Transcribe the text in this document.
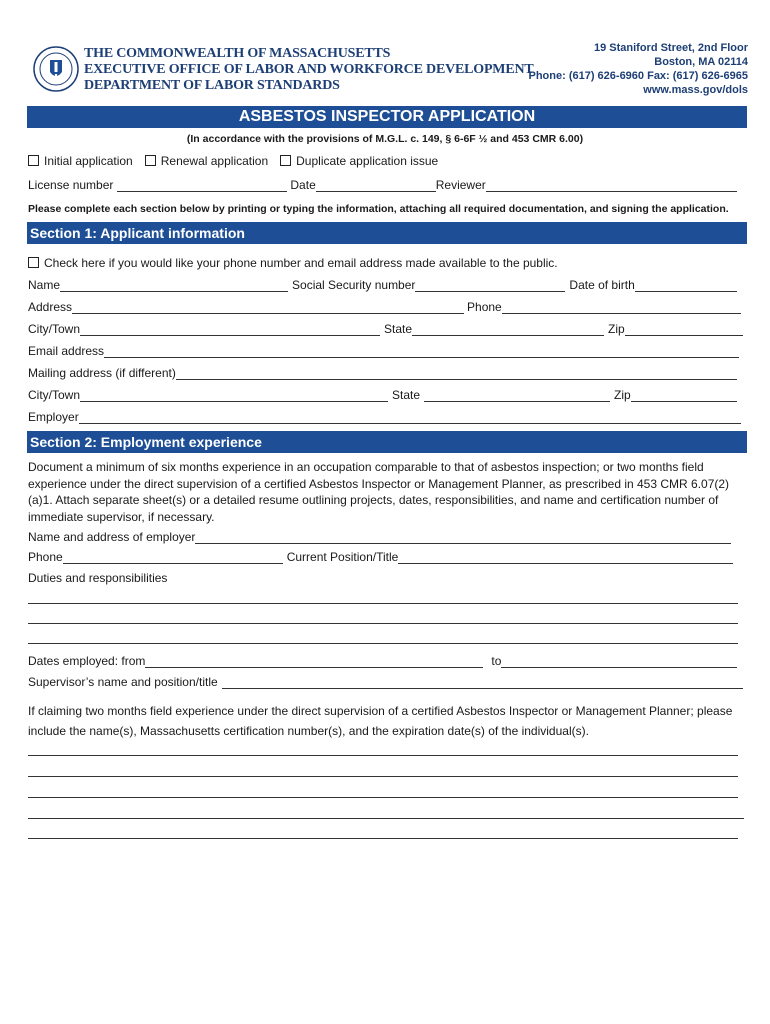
THE COMMONWEALTH OF MASSACHUSETTS
EXECUTIVE OFFICE OF LABOR AND WORKFORCE DEVELOPMENT
DEPARTMENT OF LABOR STANDARDS
19 Staniford Street, 2nd Floor
Boston, MA 02114
Phone: (617) 626-6960 Fax: (617) 626-6965
www.mass.gov/dols
ASBESTOS INSPECTOR APPLICATION
(In accordance with the provisions of M.G.L. c. 149, § 6-6F ½ and 453 CMR 6.00)
Initial application Renewal application Duplicate application issue
License number	Date	Reviewer
Please complete each section below by printing or typing the information, attaching all required documentation, and signing the application.
Section 1: Applicant information
Check here if you would like your phone number and email address made available to the public.
Name	Social Security number	Date of birth
Address	Phone
City/Town	State	Zip
Email address
Mailing address (if different)
City/Town	State	Zip
Employer
Section 2: Employment experience
Document a minimum of six months experience in an occupation comparable to that of asbestos inspection; or two months field experience under the direct supervision of a certified Asbestos Inspector or Management Planner, as prescribed in 453 CMR 6.07(2)(a)1. Attach separate sheet(s) or a detailed resume outlining projects, dates, responsibilities, and name and certification number of immediate supervisor, if necessary.
Name and address of employer
Phone	Current Position/Title
Duties and responsibilities
Dates employed: from	to
Supervisor’s name and position/title
If claiming two months field experience under the direct supervision of a certified Asbestos Inspector or Management Planner; please include the name(s), Massachusetts certification number(s), and the expiration date(s) of the individual(s).
